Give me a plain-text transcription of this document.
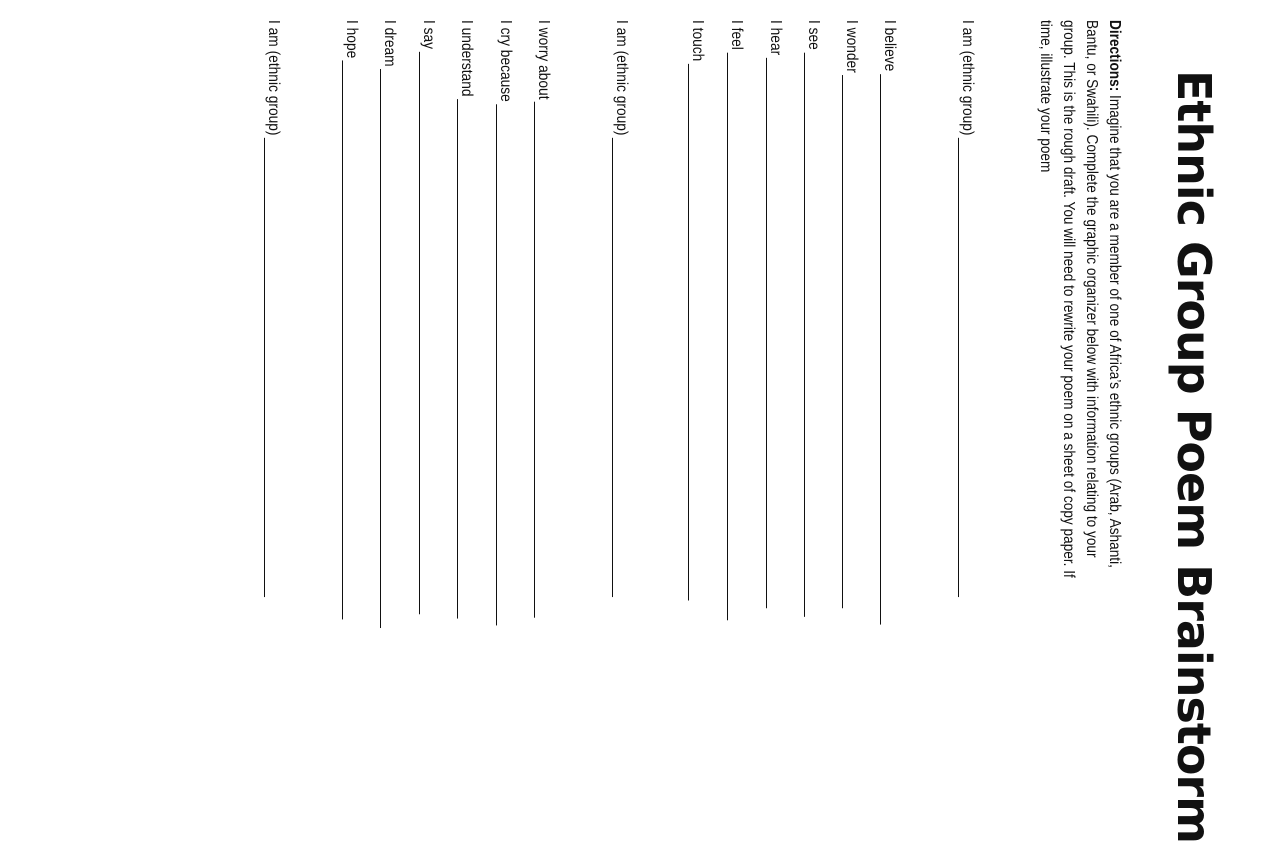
Ethnic Group Poem Brainstorm
Directions: Imagine that you are a member of one of Africa’s ethnic groups (Arab, Ashanti, Bantu, or Swahili). Complete the graphic organizer below with information relating to your group. This is the rough draft. You will need to rewrite your poem on a sheet of copy paper. If time, illustrate your poem
I am (ethnic group)
I believe
I wonder
I see
I hear
I feel
I touch
I am (ethnic group)
I worry about
I cry because
I understand
I say
I dream
I hope
I am (ethnic group)
